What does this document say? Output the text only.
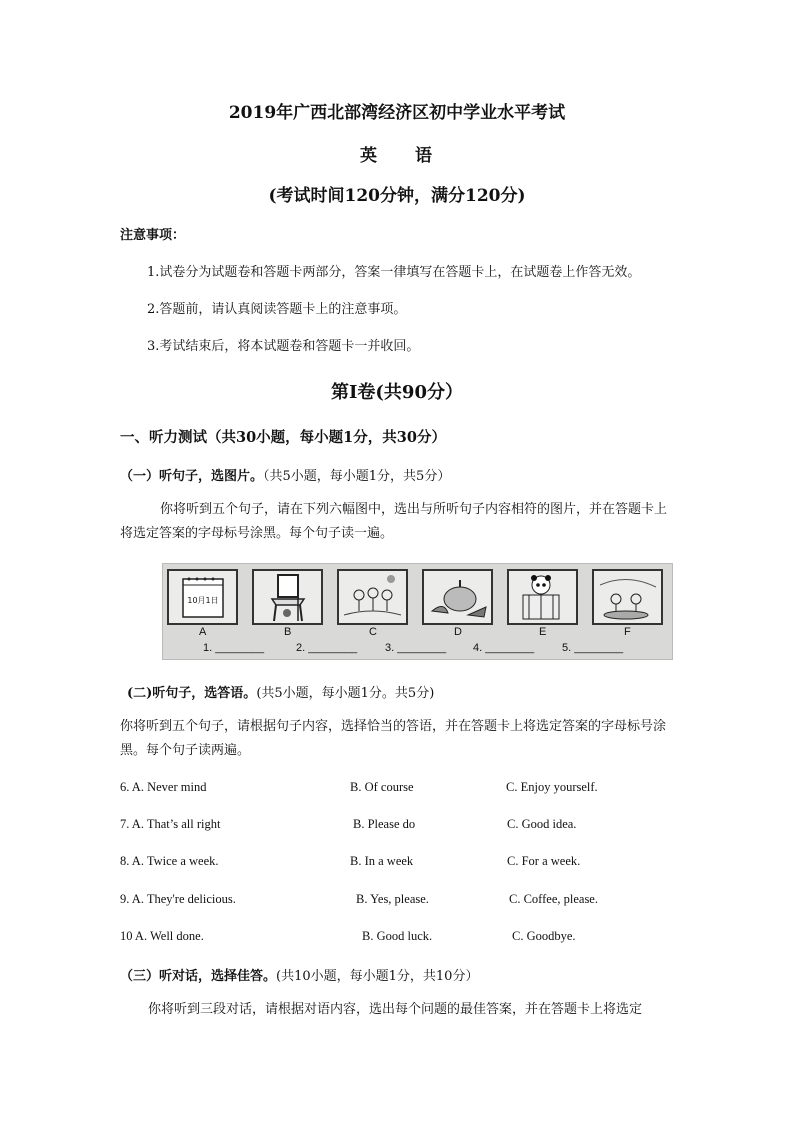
2019年广西北部湾经济区初中学业水平考试
英 语
(考试时间120分钟，满分120分)
注意事项：
1.试卷分为试题卷和答题卡两部分，答案一律填写在答题卡上，在试题卷上作答无效。
2.答题前，请认真阅读答题卡上的注意事项。
3.考试结束后，将本试题卷和答题卡一并收回。
第Ⅰ卷(共90分）
一、听力测试（共30小题，每小题1分，共30分）
（一）听句子，选图片。（共5小题，每小题1分，共5分）
你将听到五个句子，请在下列六幅图中，选出与所听句子内容相符的图片，并在答题卡上将选定答案的字母标号涂黑。每个句子读一遍。
10月1日
A	B	C	D	E	F
1. ________	2. ________	3. ________ 4. ________	5. ________
(二)听句子，选答语。(共5小题，每小题1分。共5分)
你将听到五个句子，请根据句子内容，选择恰当的答语，并在答题卡上将选定答案的字母标号涂黑。每个句子读两遍。
6. A. Never mind	B. Of course	C. Enjoy yourself.
7. A. That’s all right	B. Please do	C. Good idea.
8. A. Twice a week.	B. In a week	C. For a week.
9. A. They're delicious.	B. Yes, please.	C. Coffee, please.
10 A. Well done.	B. Good luck.	C. Goodbye.
（三）听对话，选择佳答。(共10小题，每小题1分，共10分）
你将听到三段对话，请根据对语内容，选出每个问题的最佳答案，并在答题卡上将选定
